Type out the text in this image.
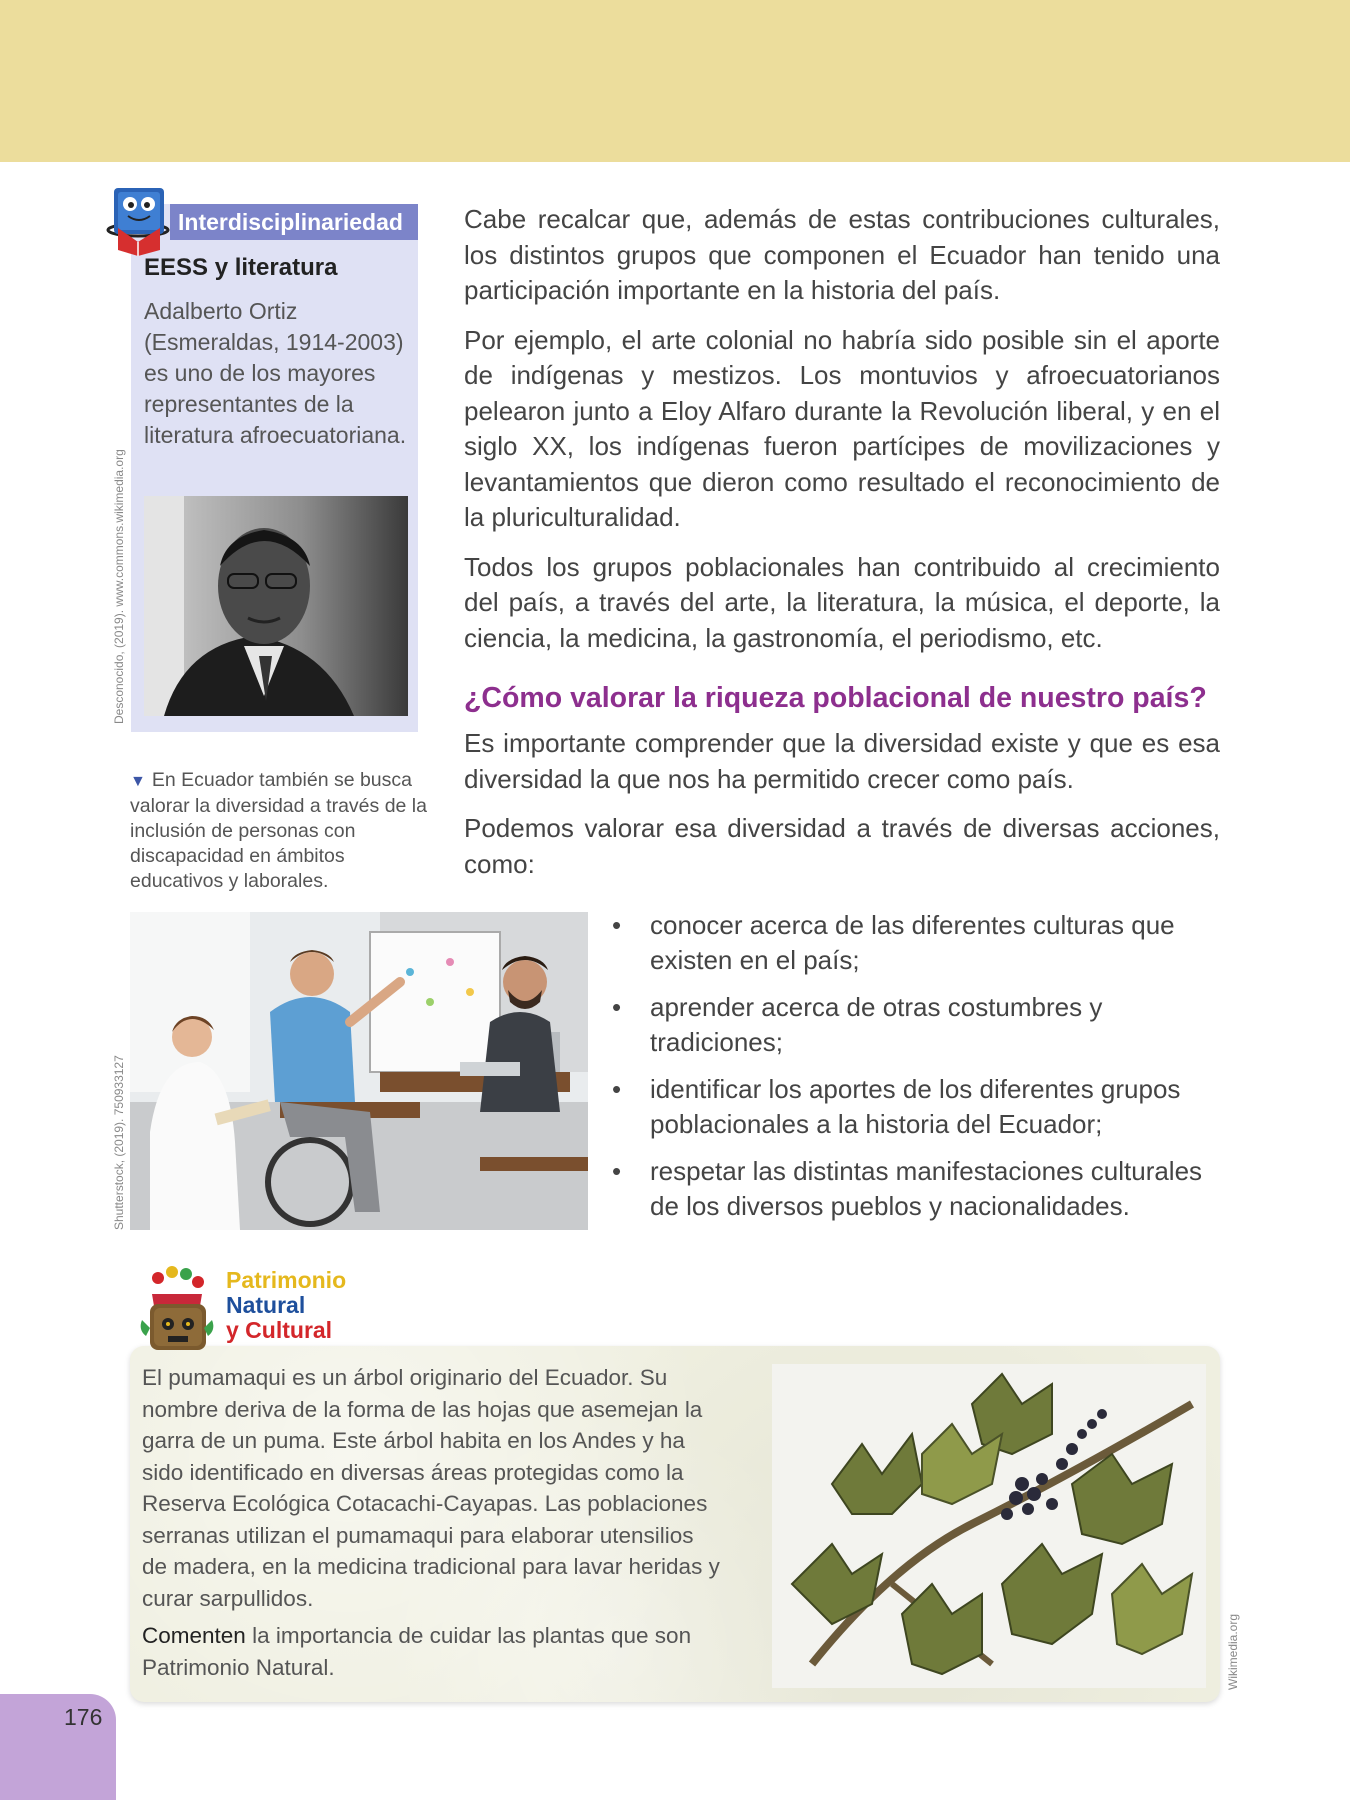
Interdisciplinariedad
EESS y literatura

Adalberto Ortiz (Esmeraldas, 1914-2003) es uno de los mayores representantes de la literatura afroecuatoriana.

Desconocido, (2019). www.commons.wikimedia.org

▼ En Ecuador también se busca valorar la diversidad a través de la inclusión de personas con discapacidad en ámbitos educativos y laborales.

Shutterstock, (2019). 750933127

Cabe recalcar que, además de estas contribuciones culturales, los distintos grupos que componen el Ecuador han tenido una participación importante en la historia del país.

Por ejemplo, el arte colonial no habría sido posible sin el aporte de indígenas y mestizos. Los montuvios y afroecuatorianos pelearon junto a Eloy Alfaro durante la Revolución liberal, y en el siglo XX, los indígenas fueron partícipes de movilizaciones y levantamientos que dieron como resultado el reconocimiento de la pluriculturalidad.

Todos los grupos poblacionales han contribuido al crecimiento del país, a través del arte, la literatura, la música, el deporte, la ciencia, la medicina, la gastronomía, el periodismo, etc.

¿Cómo valorar la riqueza poblacional de nuestro país?

Es importante comprender que la diversidad existe y que es esa diversidad la que nos ha permitido crecer como país.

Podemos valorar esa diversidad a través de diversas acciones, como:

• conocer acerca de las diferentes culturas que existen en el país;
• aprender acerca de otras costumbres y tradiciones;
• identificar los aportes de los diferentes grupos poblacionales a la historia del Ecuador;
• respetar las distintas manifestaciones culturales de los diversos pueblos y nacionalidades.
Patrimonio
Natural
y Cultural

El pumamaqui es un árbol originario del Ecuador. Su nombre deriva de la forma de las hojas que asemejan la garra de un puma. Este árbol habita en los Andes y ha sido identificado en diversas áreas protegidas como la Reserva Ecológica Cotacachi-Cayapas. Las poblaciones serranas utilizan el pumamaqui para elaborar utensilios de madera, en la medicina tradicional para lavar heridas y curar sarpullidos.

Comenten la importancia de cuidar las plantas que son Patrimonio Natural.	Wikimedia.org
176
